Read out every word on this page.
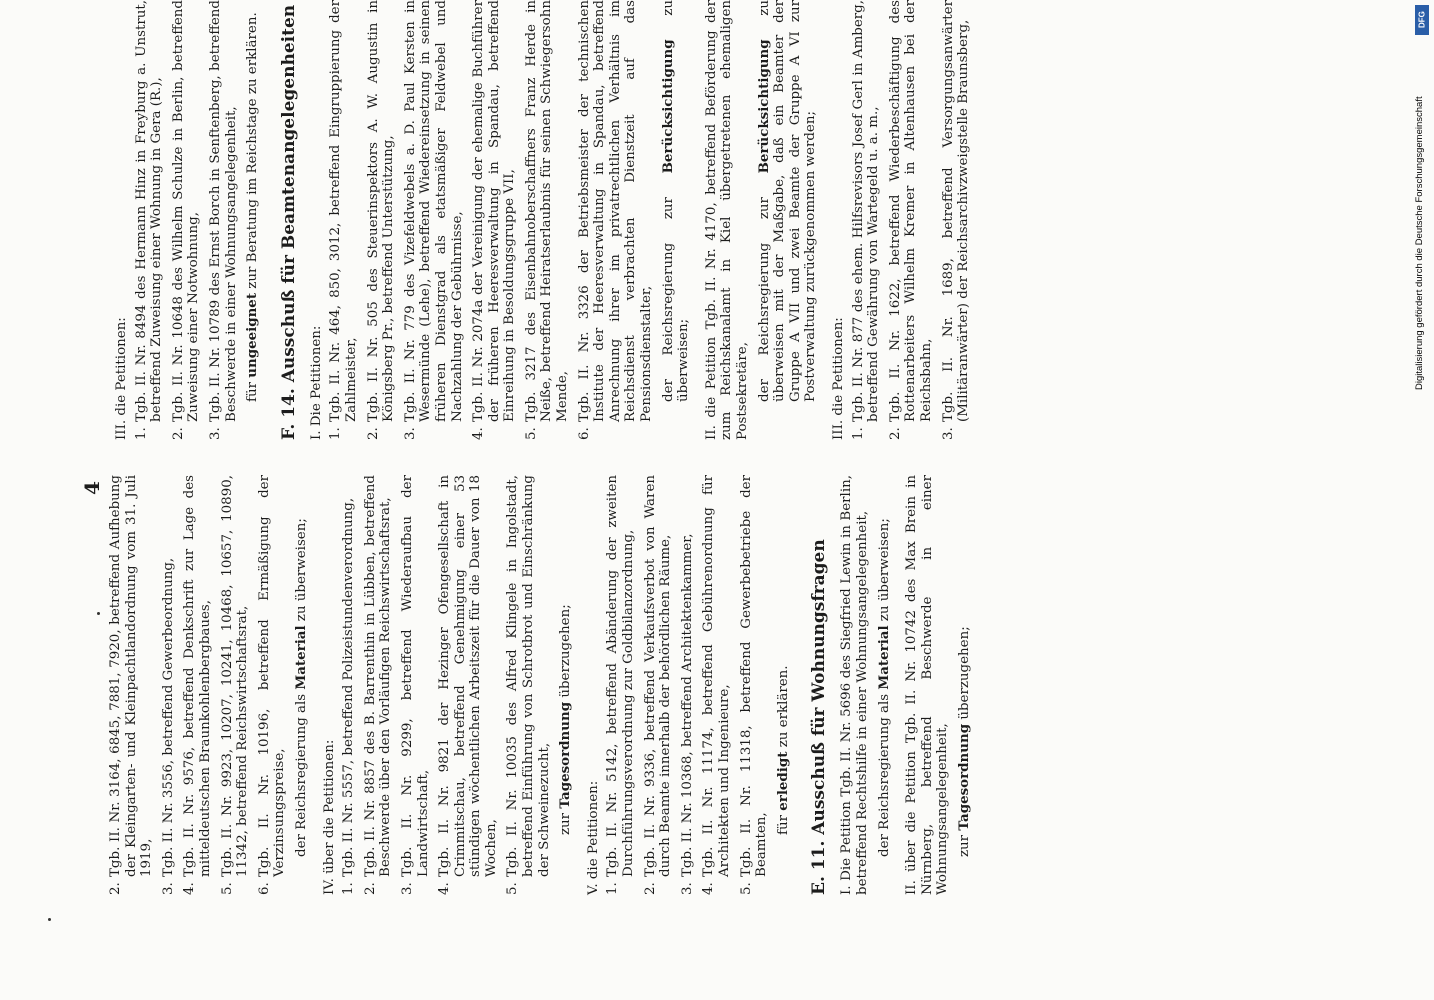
4

2.
Tgb. II. Nr. 3164, 6845, 7881, 7920, betreffend Aufhebung der Kleingarten- und Kleinpachtlandordnung vom 31. Juli 1919,

3.
Tgb. II. Nr. 3556, betreffend Gewerbeordnung,

4.
Tgb. II. Nr. 9576, betreffend Denkschrift zur Lage des mitteldeutschen Braunkohlenbergbaues,

5.
Tgb. II. Nr. 9923, 10207, 10241, 10468, 10657, 10890, 11342, betreffend Reichswirtschaftsrat,

6.
Tgb. II. Nr. 10196, betreffend Ermäßigung der Verzinsungspreise, der Reichsregierung als Material zu überweisen;

IV. über die Petitionen: 1.
Tgb. II. Nr. 5557, betreffend Polizeistundenverordnung,

2.
Tgb. II. Nr. 8857 des B. Barrenthin in Lübben, betreffend Beschwerde über den Vorläufigen Reichswirtschaftsrat,

3.
Tgb. II. Nr. 9299, betreffend Wiederaufbau der Landwirtschaft,

4.
Tgb. II. Nr. 9821 der Hezinger Ofengesellschaft in Crimmitschau, betreffend Genehmigung einer 53 stündigen wöchentlichen Arbeitszeit für die Dauer von 18 Wochen,

5.
Tgb. II. Nr. 10035 des Alfred Klingele in Ingolstadt, betreffend Einführung von Schrotbrot und Einschränkung der Schweinezucht, zur Tagesordnung überzugehen;

V. die Petitionen: 1.
Tgb. II. Nr. 5142, betreffend Abänderung der zweiten Durchführungsverordnung zur Goldbilanzordnung,

2.
Tgb. II. Nr. 9336, betreffend Verkaufsverbot von Waren durch Beamte innerhalb der behördlichen Räume,

3.
Tgb. II. Nr. 10368, betreffend Architektenkammer,

4.
Tgb. II. Nr. 11174, betreffend Gebührenordnung für Architekten und Ingenieure,

5.
Tgb. II. Nr. 11318, betreffend Gewerbebetriebe der Beamten, für erledigt zu erklären. E. 11. Ausschuß für Wohnungsfragen I. Die Petition Tgb. II. Nr. 5696 des Siegfried Lewin in Berlin, betreffend Rechtshilfe in einer Wohnungsangelegenheit, der Reichsregierung als Material zu überweisen; II. über die Petition Tgb. II. Nr. 10742 des Max Brein in Nürnberg, betreffend Beschwerde in einer Wohnungsangelegenheit, zur Tagesordnung überzugehen;

III. die Petitionen: 1.
Tgb. II. Nr. 8494 des Hermann Hinz in Freyburg a. Unstrut, betreffend Zuweisung einer Wohnung in Gera (R.),

2.
Tgb. II. Nr. 10648 des Wilhelm Schulze in Berlin, betreffend Zuweisung einer Notwohnung,

3.
Tgb. II. Nr. 10789 des Ernst Borch in Senftenberg, betreffend Beschwerde in einer Wohnungsangelegenheit, für ungeeignet zur Beratung im Reichstage zu erklären. F. 14. Ausschuß für Beamtenangelegenheiten I. Die Petitionen: 1.
Tgb. II. Nr. 464, 850, 3012, betreffend Eingruppierung der Zahlmeister,

2.
Tgb. II. Nr. 505 des Steuerinspektors A. W. Augustin in Königsberg Pr., betreffend Unterstützung,

3.
Tgb. II. Nr. 779 des Vizefeldwebels a. D. Paul Kersten in Wesermünde (Lehe), betreffend Wiedereinsetzung in seinen früheren Dienstgrad als etatsmäßiger Feldwebel und Nachzahlung der Gebührnisse,

4.
Tgb. II. Nr. 2074a der Vereinigung der ehemalige Buchführer der früheren Heeresverwaltung in Spandau, betreffend Einreihung in Besoldungsgruppe VII,

5.
Tgb. 3217 des Eisenbahnoberschaffners Franz Herde in Neiße, betreffend Heiratserlaubnis für seinen Schwiegersohn Mende,

6.
Tgb. II. Nr. 3326 der Betriebsmeister der technischen Institute der Heeresverwaltung in Spandau, betreffend Anrechnung ihrer im privatrechtlichen Verhältnis im Reichsdienst verbrachten Dienstzeit auf das Pensionsdienstalter, der Reichsregierung zur Berücksichtigung zu überweisen; II. die Petition Tgb. II. Nr. 4170, betreffend Beförderung der zum Reichskanalamt in Kiel übergetretenen ehemaligen Postsekretäre, der Reichsregierung zur Berücksichtigung zu überweisen mit der Maßgabe, daß ein Beamter der Gruppe A VII und zwei Beamte der Gruppe A VI zur Postverwaltung zurückgenommen werden; III. die Petitionen: 1.
Tgb. II. Nr. 877 des ehem. Hilfsrevisors Josef Gerl in Amberg, betreffend Gewährung von Wartegeld u. a. m.,

2.
Tgb. II. Nr. 1622, betreffend Wiederbeschäftigung des Rottenarbeiters Wilhelm Kremer in Altenhausen bei der Reichsbahn,

3.
Tgb. II. Nr. 1689, betreffend Versorgungsanwärter (Militäranwärter) der Reichsarchivzweigstelle Braunsberg,	DFG
Digitalisierung gefördert durch die Deutsche Forschungsgemeinschaft
